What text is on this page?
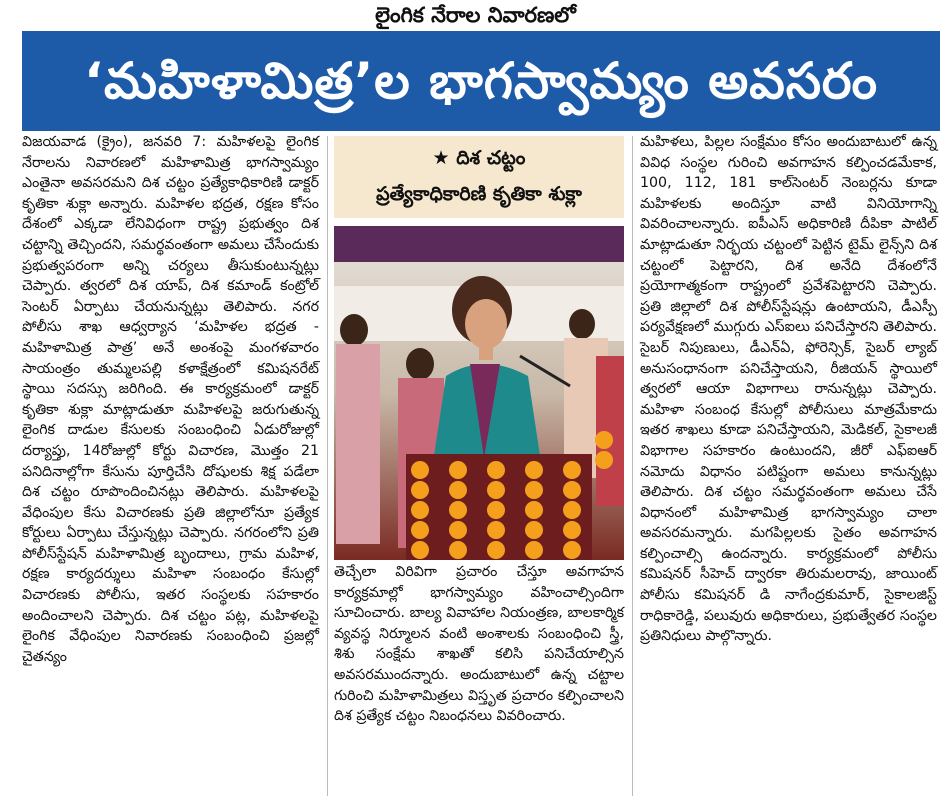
లైంగిక నేరాల నివారణలో
‘మహిళామిత్ర’ల భాగస్వామ్యం అవసరం

విజయవాడ (క్రైం), జనవరి 7: మహిళలపై లైంగిక నేరాలను నివారణలో మహిళామిత్ర భాగస్వామ్యం ఎంతైనా అవసరమని దిశ చట్టం ప్రత్యేకాధికారిణి డాక్టర్ కృతికా శుక్లా అన్నారు. మహిళల భద్రత, రక్షణ కోసం దేశంలో ఎక్కడా లేనివిధంగా రాష్ట్ర ప్రభుత్వం దిశ చట్టాన్ని తెచ్చిందని, సమర్థవంతంగా అమలు చేసేందుకు ప్రభుత్వపరంగా అన్ని చర్యలు తీసుకుంటున్నట్లు చెప్పారు. త్వరలో దిశ యాప్, దిశ కమాండ్ కంట్రోల్ సెంటర్ ఏర్పాటు చేయనున్నట్లు తెలిపారు. నగర పోలీసు శాఖ ఆధ్వర్యాన ‘మహిళల భద్రత - మహిళామిత్ర పాత్ర’ అనే అంశంపై మంగళవారం సాయంత్రం తుమ్మలపల్లి కళాక్షేత్రంలో కమిషనరేట్ స్థాయి సదస్సు జరిగింది. ఈ కార్యక్రమంలో డాక్టర్ కృతికా శుక్లా మాట్లాడుతూ మహిళలపై జరుగుతున్న లైంగిక దాడుల కేసులకు సంబంధించి ఏడురోజుల్లో దర్యాప్తు, 14రోజుల్లో కోర్టు విచారణ, మొత్తం 21 పనిదినాల్లోగా కేసును పూర్తిచేసి దోషులకు శిక్ష పడేలా దిశ చట్టం రూపొందించినట్లు తెలిపారు. మహిళలపై వేధింపుల కేసు విచారణకు ప్రతి జిల్లాలోనూ ప్రత్యేక కోర్టులు ఏర్పాటు చేస్తున్నట్లు చెప్పారు. నగరంలోని ప్రతి పోలీస్‌స్టేషన్ మహిళామిత్ర బృందాలు, గ్రామ మహిళ, రక్షణ కార్యదర్శులు మహిళా సంబంధం కేసుల్లో విచారణకు పోలీసు, ఇతర సంస్థలకు సహకారం అందించాలని చెప్పారు. దిశ చట్టం పట్ల, మహిళలపై లైంగిక వేధింపుల నివారణకు సంబంధించి ప్రజల్లో చైతన్యం

★ దిశ చట్టం
ప్రత్యేకాధికారిణి కృతికా శుక్లా

తెచ్చేలా విరివిగా ప్రచారం చేస్తూ అవగాహన కార్యక్రమాల్లో భాగస్వామ్యం వహించాల్సిందిగా సూచించారు. బాల్య వివాహాల నియంత్రణ, బాలకార్మిక వ్యవస్థ నిర్మూలన వంటి అంశాలకు సంబంధించి స్త్రీ, శిశు సంక్షేమ శాఖతో కలిసి పనిచేయాల్సిన అవసరముందన్నారు. అందుబాటులో ఉన్న చట్టాల గురించి మహిళామిత్రలు విస్తృత ప్రచారం కల్పించాలని దిశ ప్రత్యేక చట్టం నిబంధనలు వివరించారు.

మహిళలు, పిల్లల సంక్షేమం కోసం అందుబాటులో ఉన్న వివిధ సంస్థల గురించి అవగాహన కల్పించడమేకాక, 100, 112, 181 కాల్‌సెంటర్ నెంబర్లను కూడా మహిళలకు అందిస్తూ వాటి వినియోగాన్ని వివరించాలన్నారు. ఐపీఎస్ అధికారిణి దీపికా పాటిల్ మాట్లాడుతూ నిర్భయ చట్టంలో పెట్టిన టైమ్ లైన్స్‌ని దిశ చట్టంలో పెట్టారని, దిశ అనేది దేశంలోనే ప్రయోగాత్మకంగా రాష్ట్రంలో ప్రవేశపెట్టారని చెప్పారు. ప్రతి జిల్లాలో దిశ పోలీస్‌స్టేషన్లు ఉంటాయని, డీఎస్పీ పర్యవేక్షణలో ముగ్గురు ఎస్‌ఐలు పనిచేస్తారని తెలిపారు. సైబర్ నిపుణులు, డీఎన్‌ఏ, ఫోరెన్సిక్, సైబర్ ల్యాబ్ అనుసంధానంగా పనిచేస్తాయని, రీజియన్ స్థాయిలో త్వరలో ఆయా విభాగాలు రానున్నట్లు చెప్పారు. మహిళా సంబంధ కేసుల్లో పోలీసులు మాత్రమేకాదు ఇతర శాఖలు కూడా పనిచేస్తాయని, మెడికల్, సైకాలజీ విభాగాల సహకారం ఉంటుందని, జీరో ఎఫ్ఐఆర్ నమోదు విధానం పటిష్టంగా అమలు కానున్నట్లు తెలిపారు. దిశ చట్టం సమర్థవంతంగా అమలు చేసే విధానంలో మహిళామిత్ర భాగస్వామ్యం చాలా అవసరమన్నారు. మగపిల్లలకు సైతం అవగాహన కల్పించాల్సి ఉందన్నారు. కార్యక్రమంలో పోలీసు కమిషనర్ సీహెచ్ ద్వారకా తిరుమలరావు, జాయింట్ పోలీసు కమిషనర్ డి నాగేంద్రకుమార్, సైకాలజిస్ట్ రాధికారెడ్డి, పలువురు అధికారులు, ప్రభుత్వేతర సంస్థల ప్రతినిధులు పాల్గొన్నారు.
